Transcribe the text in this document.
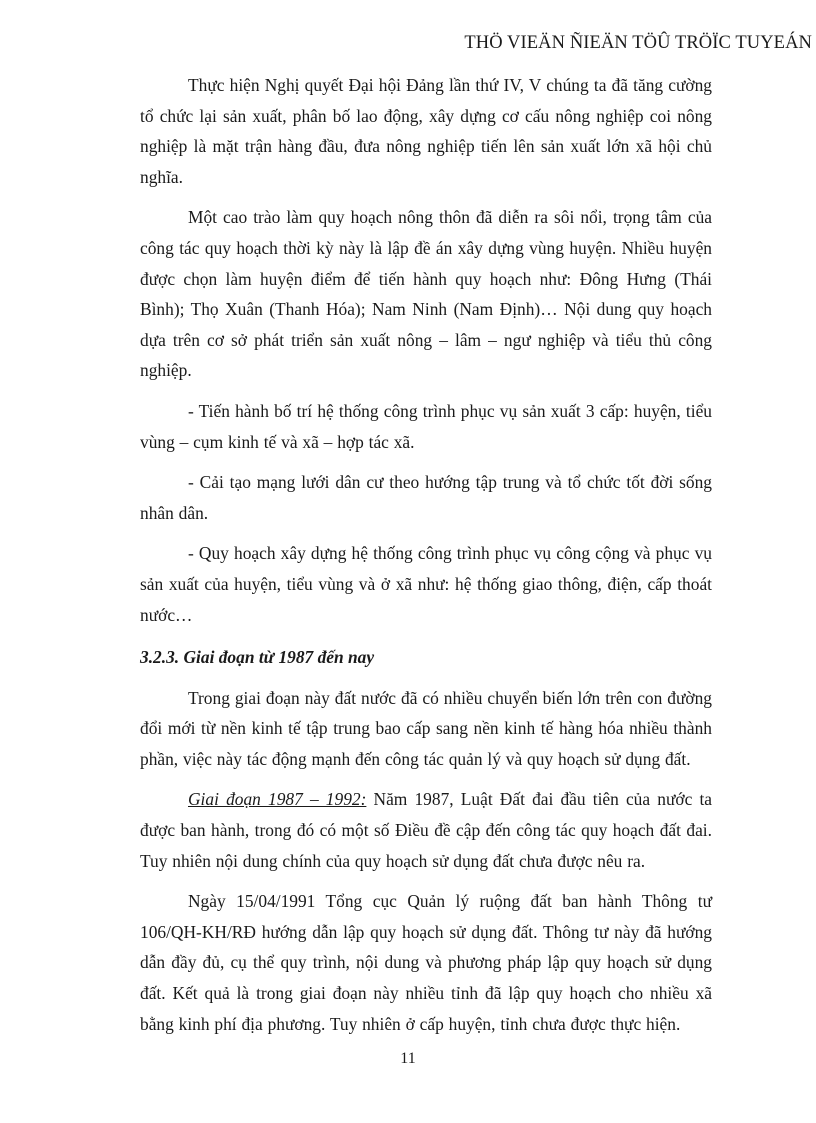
THÖ VIEÄN ÑIEÄN TÖÛ TRÖÏC TUYEÁN

Thực hiện Nghị quyết Đại hội Đảng lần thứ IV, V chúng ta đã tăng cường tổ chức lại sản xuất, phân bố lao động, xây dựng cơ cấu nông nghiệp coi nông nghiệp là mặt trận hàng đầu, đưa nông nghiệp tiến lên sản xuất lớn xã hội chủ nghĩa.

Một cao trào làm quy hoạch nông thôn đã diễn ra sôi nổi, trọng tâm của công tác quy hoạch thời kỳ này là lập đề án xây dựng vùng huyện. Nhiều huyện được chọn làm huyện điểm để tiến hành quy hoạch như: Đông Hưng (Thái Bình); Thọ Xuân (Thanh Hóa); Nam Ninh (Nam Định)… Nội dung quy hoạch dựa trên cơ sở phát triển sản xuất nông – lâm – ngư nghiệp và tiểu thủ công nghiệp.

- Tiến hành bố trí hệ thống công trình phục vụ sản xuất 3 cấp: huyện, tiểu vùng – cụm kinh tế và xã – hợp tác xã.

- Cải tạo mạng lưới dân cư theo hướng tập trung và tổ chức tốt đời sống nhân dân.

- Quy hoạch xây dựng hệ thống công trình phục vụ công cộng và phục vụ sản xuất của huyện, tiểu vùng và ở xã như: hệ thống giao thông, điện, cấp thoát nước…

3.2.3. Giai đoạn từ 1987 đến nay

Trong giai đoạn này đất nước đã có nhiều chuyển biến lớn trên con đường đổi mới từ nền kinh tế tập trung bao cấp sang nền kinh tế hàng hóa nhiều thành phần, việc này tác động mạnh đến công tác quản lý và quy hoạch sử dụng đất.

Giai đoạn 1987 – 1992: Năm 1987, Luật Đất đai đầu tiên của nước ta được ban hành, trong đó có một số Điều đề cập đến công tác quy hoạch đất đai. Tuy nhiên nội dung chính của quy hoạch sử dụng đất chưa được nêu ra.

Ngày 15/04/1991 Tổng cục Quản lý ruộng đất ban hành Thông tư 106/QH-KH/RĐ hướng dẫn lập quy hoạch sử dụng đất. Thông tư này đã hướng dẫn đầy đủ, cụ thể quy trình, nội dung và phương pháp lập quy hoạch sử dụng đất. Kết quả là trong giai đoạn này nhiều tỉnh đã lập quy hoạch cho nhiều xã bằng kinh phí địa phương. Tuy nhiên ở cấp huyện, tỉnh chưa được thực hiện.

11
